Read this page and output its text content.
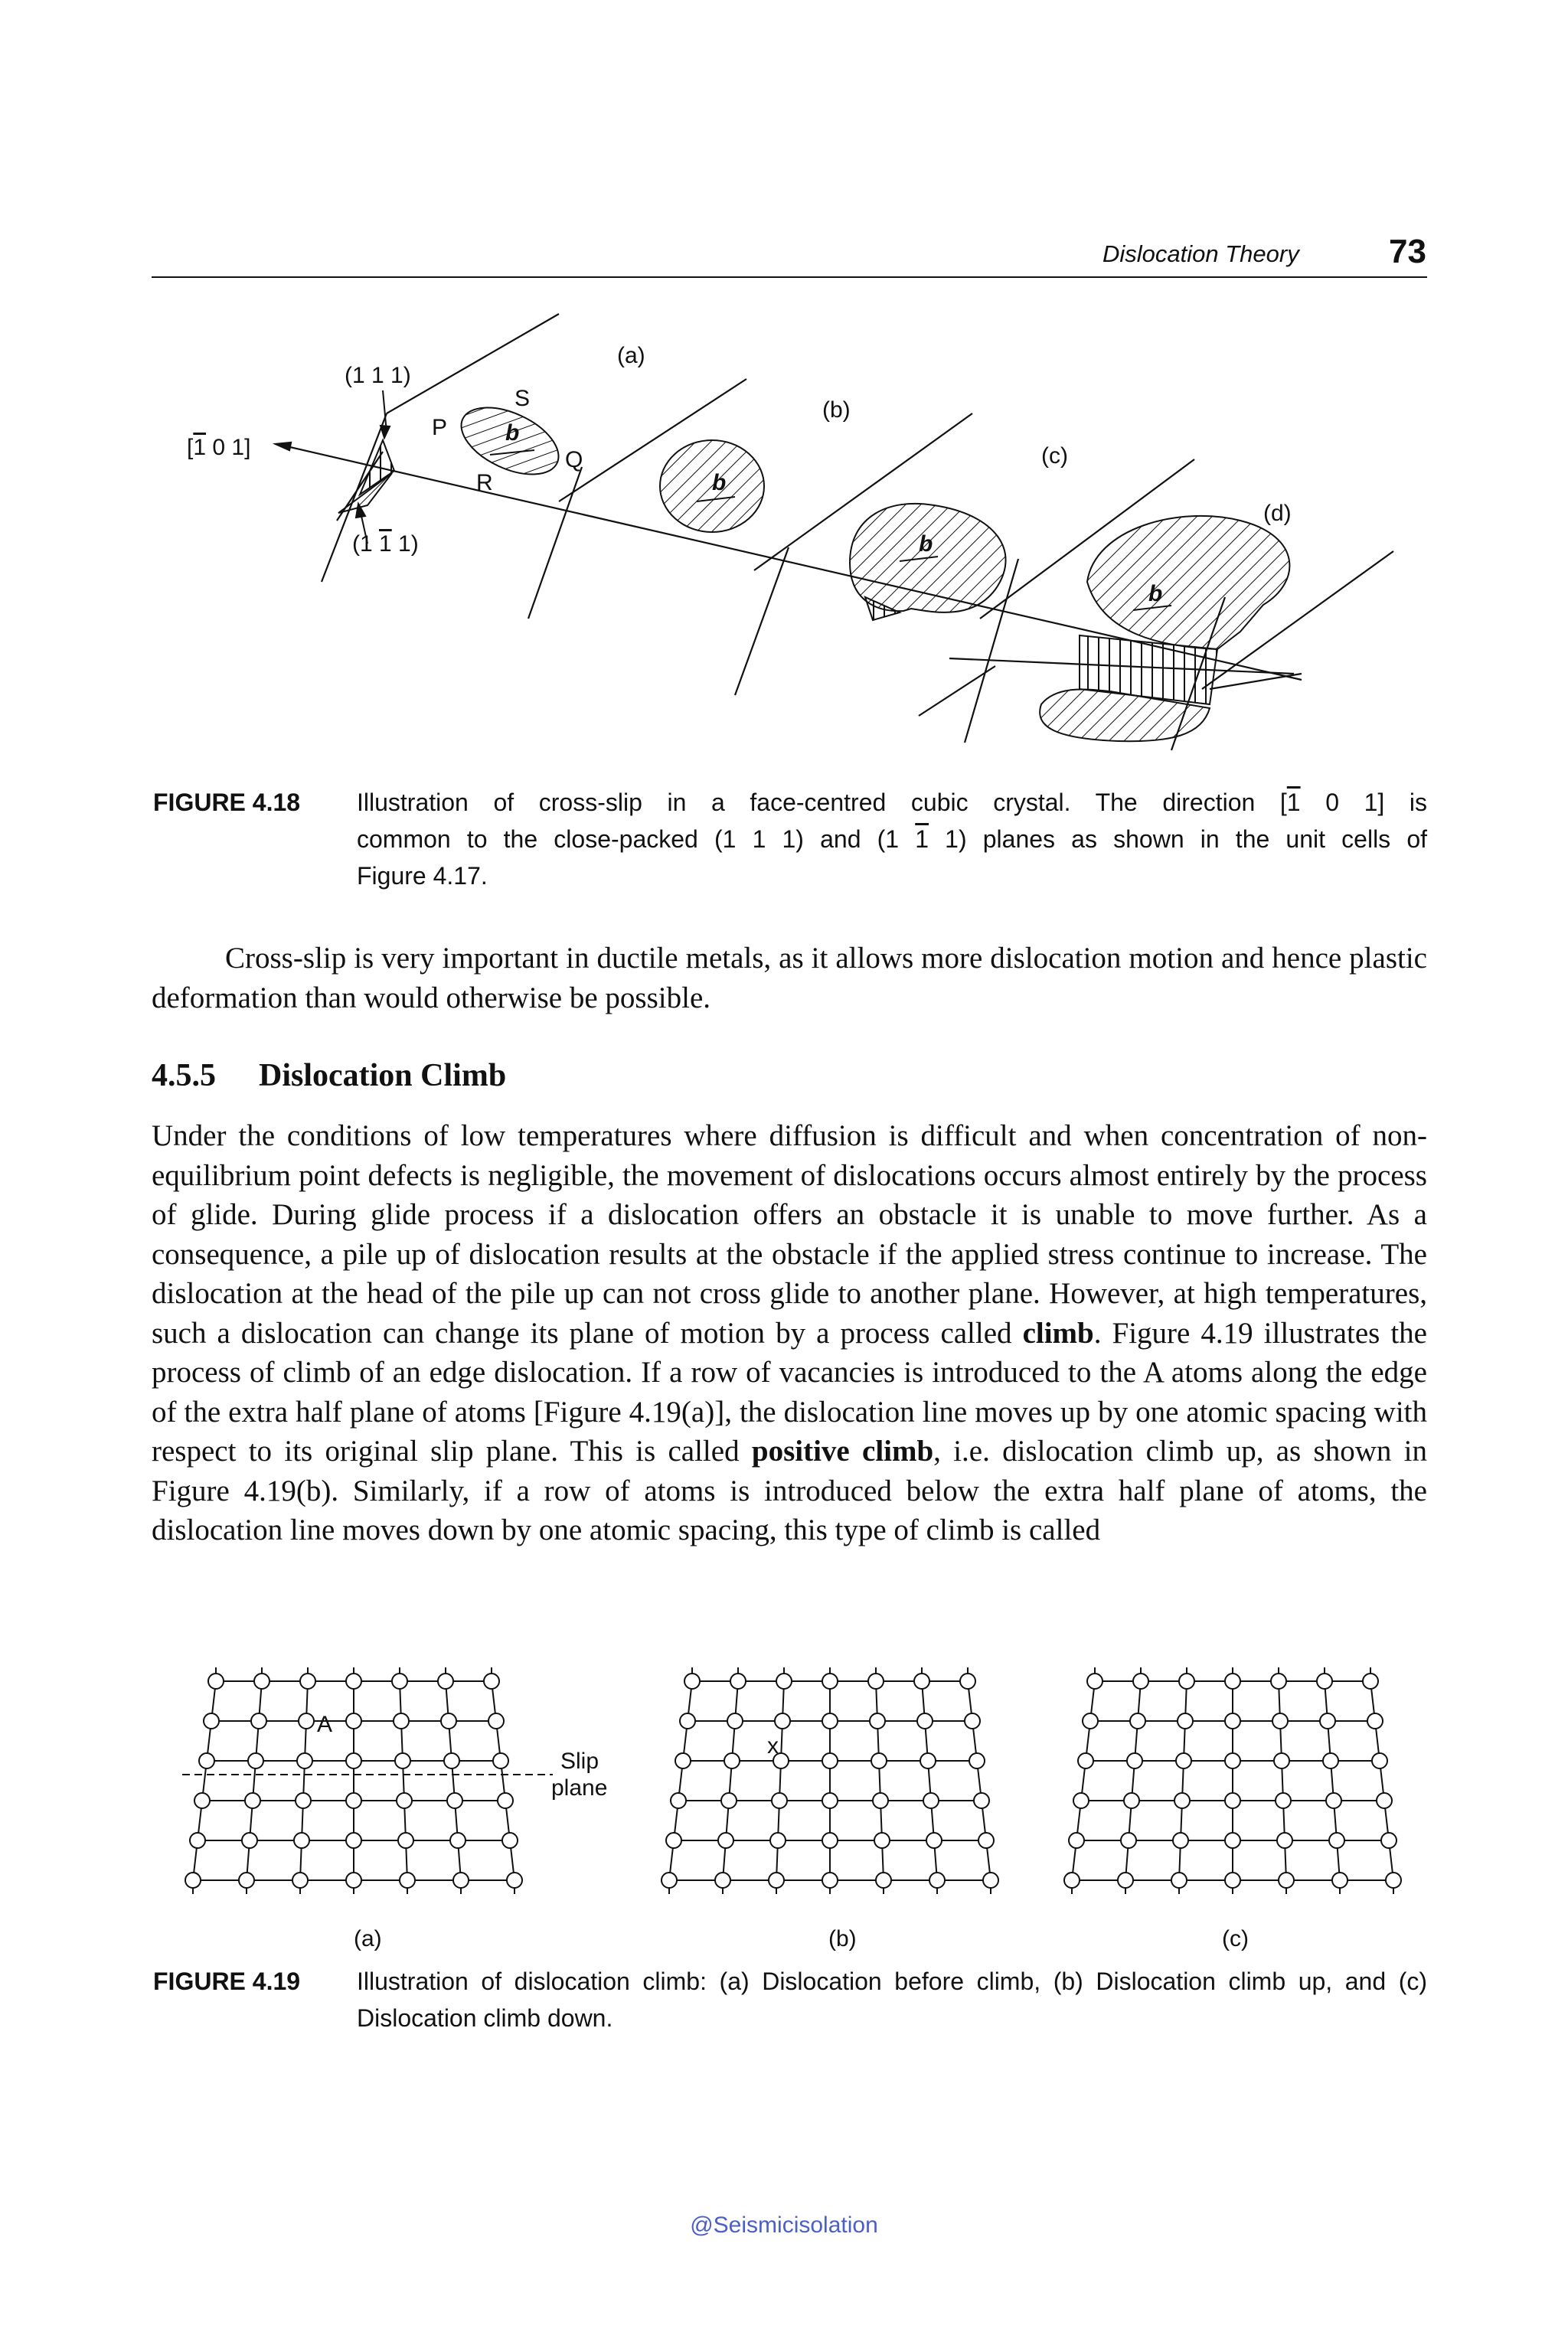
Dislocation Theory	73
[1 0 1]
(1 1 1)
(1 1 1)
P
S
Q
R
b
b
b
b
(a)
(b)
(c)
(d)
FIGURE 4.18 Illustration of cross-slip in a face-centred cubic crystal. The direction [1 0 1] is
common to the close-packed (1 1 1) and (1 1 1) planes as shown in the unit cells of
Figure 4.17.

Cross-slip is very important in ductile metals, as it allows more dislocation motion and hence plastic deformation than would otherwise be possible.

4.5.5 Dislocation Climb

Under the conditions of low temperatures where diffusion is difficult and when concentration of non-equilibrium point defects is negligible, the movement of dislocations occurs almost entirely by the process of glide. During glide process if a dislocation offers an obstacle it is unable to move further. As a consequence, a pile up of dislocation results at the obstacle if the applied stress continue to increase. The dislocation at the head of the pile up can not cross glide to another plane. However, at high temperatures, such a dislocation can change its plane of motion by a process called climb. Figure 4.19 illustrates the process of climb of an edge dislocation. If a row of vacancies is introduced to the A atoms along the edge of the extra half plane of atoms [Figure 4.19(a)], the dislocation line moves up by one atomic spacing with respect to its original slip plane. This is called positive climb, i.e. dislocation climb up, as shown in Figure 4.19(b). Similarly, if a row of atoms is introduced below the extra half plane of atoms, the dislocation line moves down by one atomic spacing, this type of climb is called

A
x
Slip
plane
(a)	(b)	(c)
FIGURE 4.19 Illustration of dislocation climb: (a) Dislocation before climb, (b) Dislocation climb up, and (c) Dislocation climb down.
@Seismicisolation
